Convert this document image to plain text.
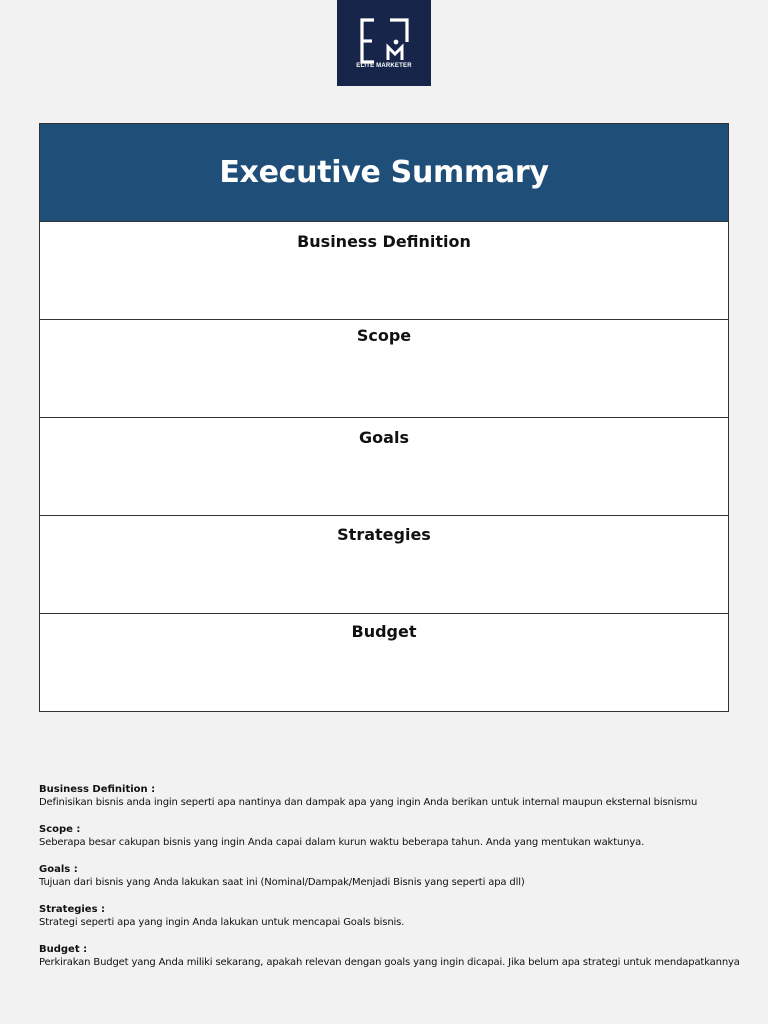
ELITE MARKETER
Executive Summary
Business Definition
Scope
Goals
Strategies
Budget
Business Definition :
Definisikan bisnis anda ingin seperti apa nantinya dan dampak apa yang ingin Anda berikan untuk internal maupun eksternal bisnismu
Scope :
Seberapa besar cakupan bisnis yang ingin Anda capai dalam kurun waktu beberapa tahun. Anda yang mentukan waktunya.
Goals :
Tujuan dari bisnis yang Anda lakukan saat ini (Nominal/Dampak/Menjadi Bisnis yang seperti apa dll)
Strategies :
Strategi seperti apa yang ingin Anda lakukan untuk mencapai Goals bisnis.
Budget :
Perkirakan Budget yang Anda miliki sekarang, apakah relevan dengan goals yang ingin dicapai. Jika belum apa strategi untuk mendapatkannya
